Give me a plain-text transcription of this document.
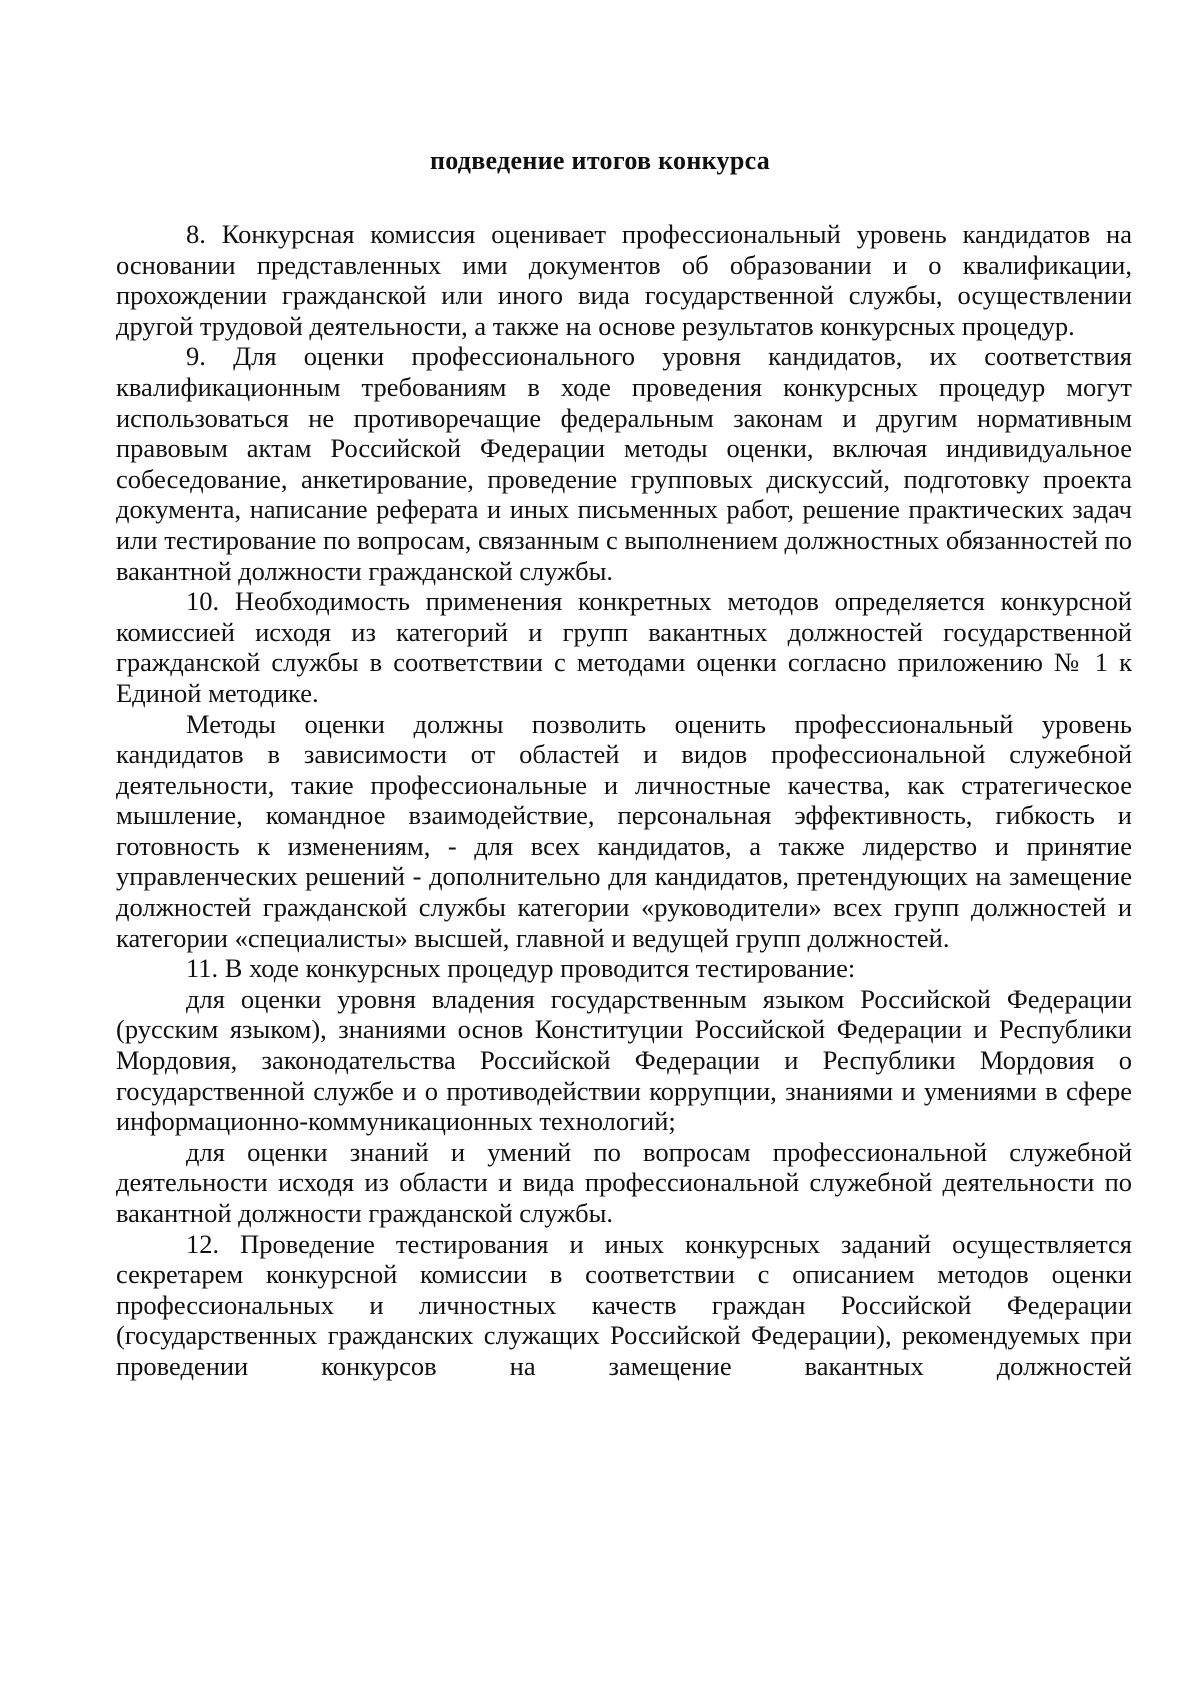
подведение итогов конкурса

8. Конкурсная комиссия оценивает профессиональный уровень кандидатов на основании представленных ими документов об образовании и о квалификации, прохождении гражданской или иного вида государственной службы, осуществлении другой трудовой деятельности, а также на основе результатов конкурсных процедур.

9. Для оценки профессионального уровня кандидатов, их соответствия квалификационным требованиям в ходе проведения конкурсных процедур могут использоваться не противоречащие федеральным законам и другим нормативным правовым актам Российской Федерации методы оценки, включая индивидуальное собеседование, анкетирование, проведение групповых дискуссий, подготовку проекта документа, написание реферата и иных письменных работ, решение практических задач или тестирование по вопросам, связанным с выполнением должностных обязанностей по вакантной должности гражданской службы.

10. Необходимость применения конкретных методов определяется конкурсной комиссией исходя из категорий и групп вакантных должностей государственной гражданской службы в соответствии с методами оценки согласно приложению № 1 к Единой методике.

Методы оценки должны позволить оценить профессиональный уровень кандидатов в зависимости от областей и видов профессиональной служебной деятельности, такие профессиональные и личностные качества, как стратегическое мышление, командное взаимодействие, персональная эффективность, гибкость и готовность к изменениям, - для всех кандидатов, а также лидерство и принятие управленческих решений - дополнительно для кандидатов, претендующих на замещение должностей гражданской службы категории «руководители» всех групп должностей и категории «специалисты» высшей, главной и ведущей групп должностей.

11. В ходе конкурсных процедур проводится тестирование:

для оценки уровня владения государственным языком Российской Федерации (русским языком), знаниями основ Конституции Российской Федерации и Республики Мордовия, законодательства Российской Федерации и Республики Мордовия о государственной службе и о противодействии коррупции, знаниями и умениями в сфере информационно-коммуникационных технологий;

для оценки знаний и умений по вопросам профессиональной служебной деятельности исходя из области и вида профессиональной служебной деятельности по вакантной должности гражданской службы.

12. Проведение тестирования и иных конкурсных заданий осуществляется секретарем конкурсной комиссии в соответствии с описанием методов оценки профессиональных и личностных качеств граждан Российской Федерации (государственных гражданских служащих Российской Федерации), рекомендуемых при проведении конкурсов на замещение вакантных должностей
